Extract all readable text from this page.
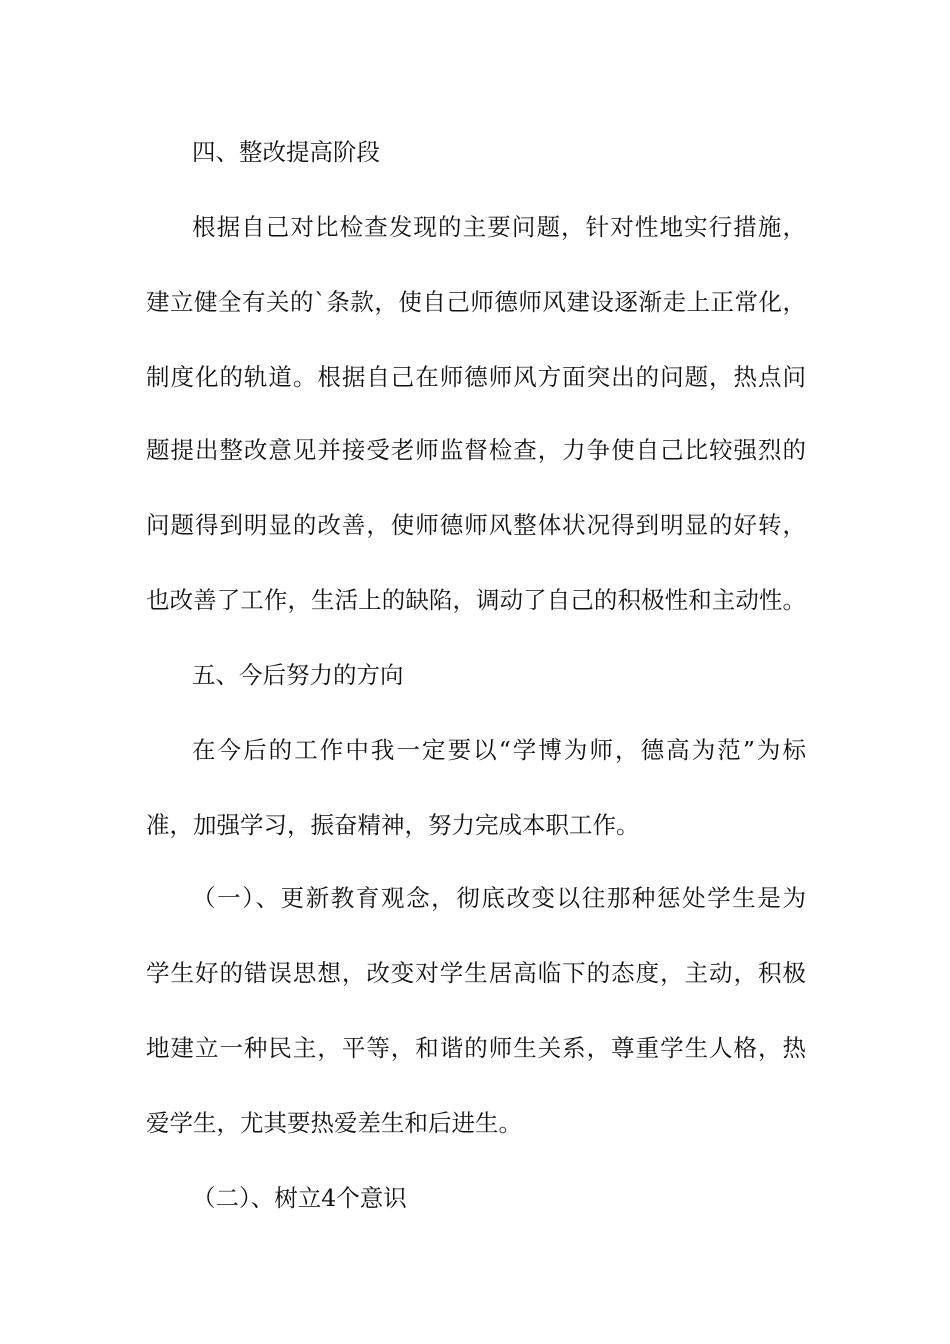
四、整改提高阶段
根据自己对比检查发现的主要问题，针对性地实行措施，
建立健全有关的`条款，使自己师德师风建设逐渐走上正常化，
制度化的轨道。根据自己在师德师风方面突出的问题，热点问
题提出整改意见并接受老师监督检查，力争使自己比较强烈的
问题得到明显的改善，使师德师风整体状况得到明显的好转，
也改善了工作，生活上的缺陷，调动了自己的积极性和主动性。
五、今后努力的方向
在今后的工作中我一定要以“学博为师，德高为范”为标
准，加强学习，振奋精神，努力完成本职工作。
（一）、更新教育观念，彻底改变以往那种惩处学生是为
学生好的错误思想，改变对学生居高临下的态度，主动，积极
地建立一种民主，平等，和谐的师生关系，尊重学生人格，热
爱学生，尤其要热爱差生和后进生。
（二）、树立4个意识
